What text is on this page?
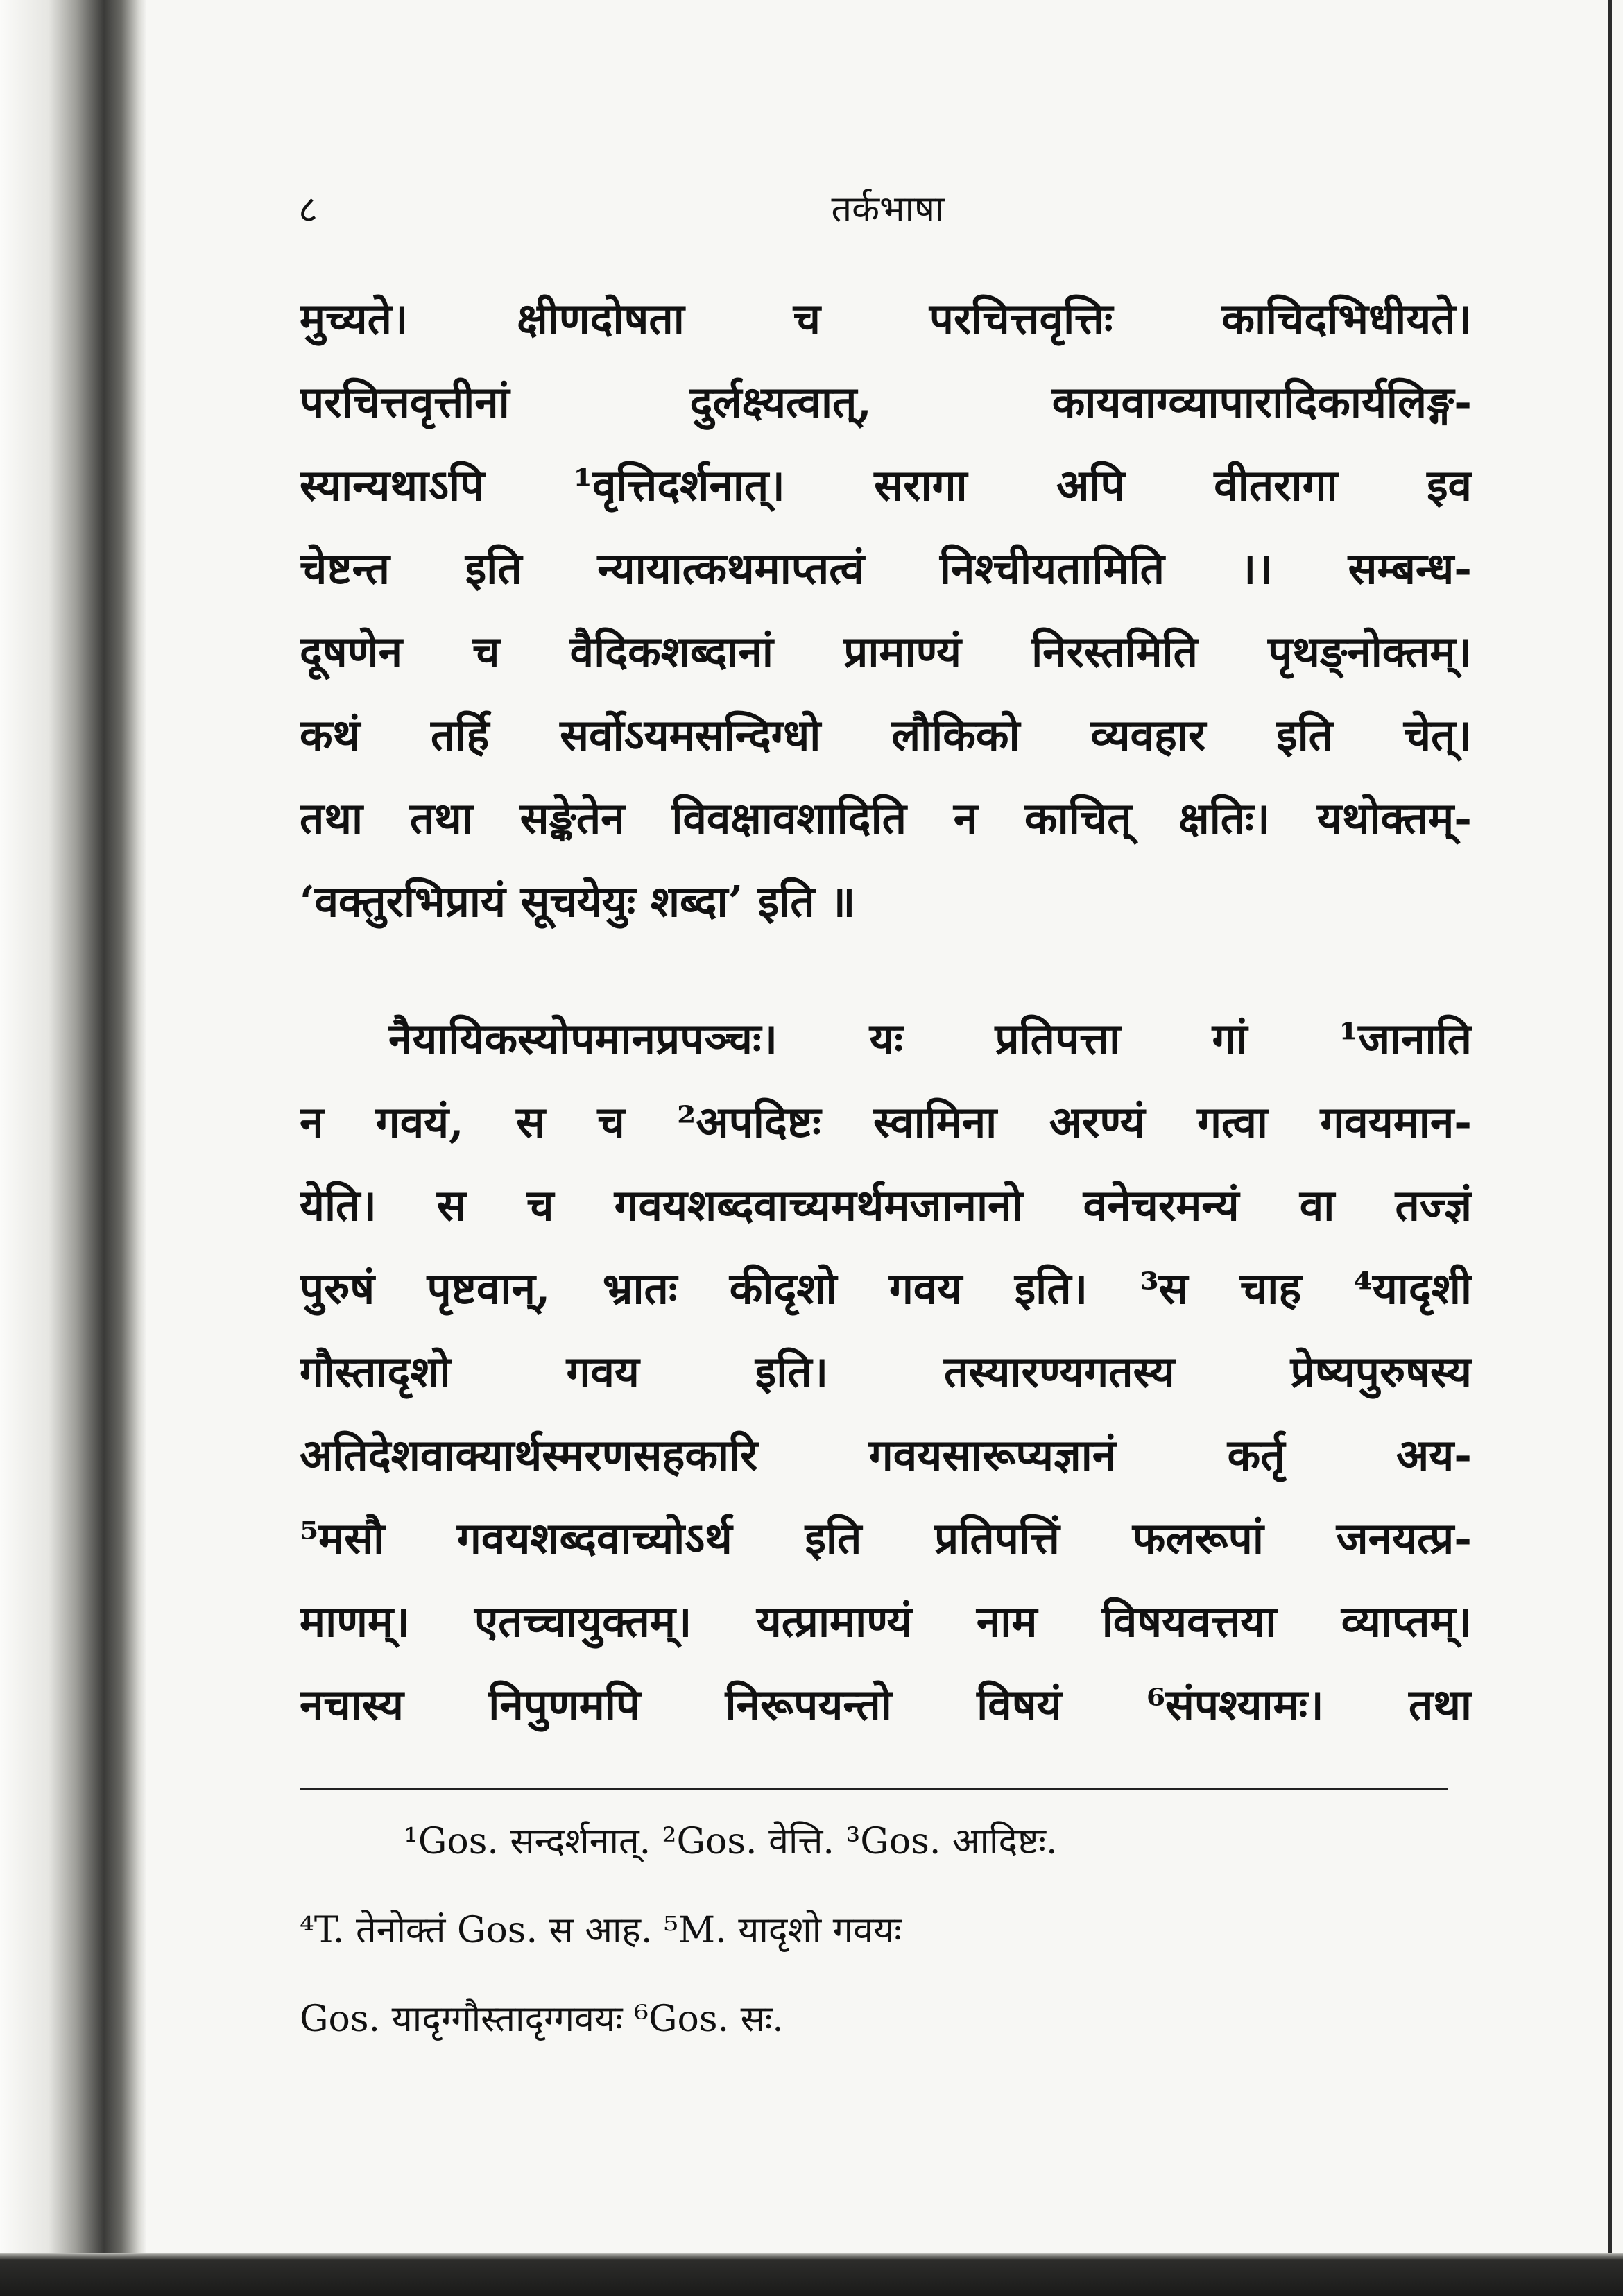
८	तर्कभाषा
मुच्यते। क्षीणदोषता च परचित्तवृत्तिः काचिदभिधीयते।
परचित्तवृत्तीनां दुर्लक्ष्यत्वात्, कायवाग्व्यापारादिकार्यलिङ्ग-
स्यान्यथाऽपि ¹वृत्तिदर्शनात्। सरागा अपि वीतरागा इव
चेष्टन्त इति न्यायात्कथमाप्तत्वं निश्चीयतामिति ।। सम्बन्ध-
दूषणेन च वैदिकशब्दानां प्रामाण्यं निरस्तमिति पृथङ्नोक्तम्।
कथं तर्हि सर्वोऽयमसन्दिग्धो लौकिको व्यवहार इति चेत्।
तथा तथा सङ्केतेन विवक्षावशादिति न काचित् क्षतिः। यथोक्तम्-
‘वक्तुरभिप्रायं सूचयेयुः शब्दा’ इति ॥
नैयायिकस्योपमानप्रपञ्चः। यः प्रतिपत्ता गां ¹जानाति
न गवयं, स च ²अपदिष्टः स्वामिना अरण्यं गत्वा गवयमान-
येति। स च गवयशब्दवाच्यमर्थमजानानो वनेचरमन्यं वा तज्ज्ञं
पुरुषं पृष्टवान्, भ्रातः कीदृशो गवय इति। ³स चाह ⁴यादृशी
गौस्तादृशो गवय इति। तस्यारण्यगतस्य प्रेष्यपुरुषस्य
अतिदेशवाक्यार्थस्मरणसहकारि गवयसारूप्यज्ञानं कर्तृ अय-
⁵मसौ गवयशब्दवाच्योऽर्थ इति प्रतिपत्तिं फलरूपां जनयत्प्र-
माणम्। एतच्चायुक्तम्। यत्प्रामाण्यं नाम विषयवत्तया व्याप्तम्।
नचास्य निपुणमपि निरूपयन्तो विषयं ⁶संपश्यामः। तथा
¹Gos. सन्दर्शनात्. ²Gos. वेत्ति. ³Gos. आदिष्टः.
⁴T. तेनोक्तं Gos. स आह. ⁵M. यादृशो गवयः
Gos. यादृग्गौस्तादृग्गवयः ⁶Gos. सः.
